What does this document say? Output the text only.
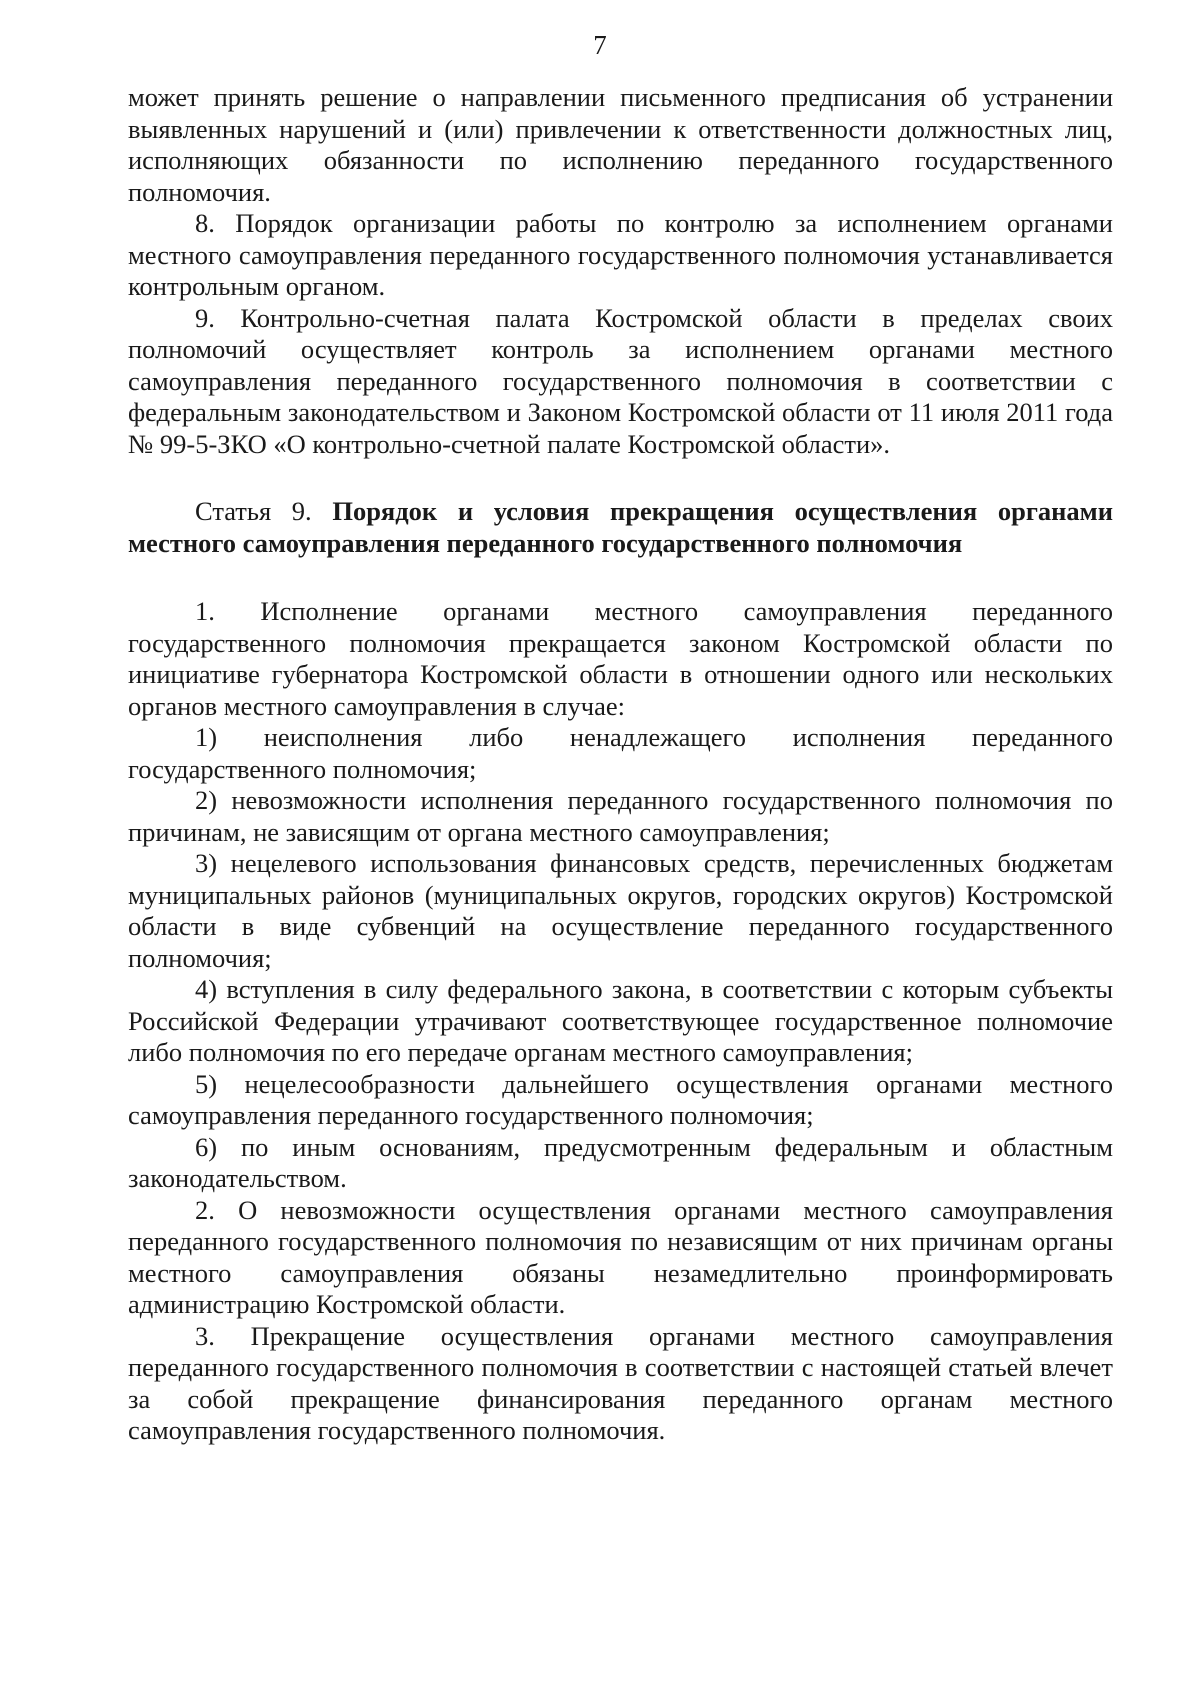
7

может принять решение о направлении письменного предписания об устранении выявленных нарушений и (или) привлечении к ответственности должностных лиц, исполняющих обязанности по исполнению переданного государственного полномочия.

8. Порядок организации работы по контролю за исполнением органами местного самоуправления переданного государственного полномочия устанавливается контрольным органом.

9. Контрольно-счетная палата Костромской области в пределах своих полномочий осуществляет контроль за исполнением органами местного самоуправления переданного государственного полномочия в соответствии с федеральным законодательством и Законом Костромской области от 11 июля 2011 года № 99-5-ЗКО «О контрольно-счетной палате Костромской области».

Статья 9. Порядок и условия прекращения осуществления органами местного самоуправления переданного государственного полномочия

1. Исполнение органами местного самоуправления переданного государственного полномочия прекращается законом Костромской области по инициативе губернатора Костромской области в отношении одного или нескольких органов местного самоуправления в случае:

1) неисполнения либо ненадлежащего исполнения переданного государственного полномочия;

2) невозможности исполнения переданного государственного полномочия по причинам, не зависящим от органа местного самоуправления;

3) нецелевого использования финансовых средств, перечисленных бюджетам муниципальных районов (муниципальных округов, городских округов) Костромской области в виде субвенций на осуществление переданного государственного полномочия;

4) вступления в силу федерального закона, в соответствии с которым субъекты Российской Федерации утрачивают соответствующее государственное полномочие либо полномочия по его передаче органам местного самоуправления;

5) нецелесообразности дальнейшего осуществления органами местного самоуправления переданного государственного полномочия;

6) по иным основаниям, предусмотренным федеральным и областным законодательством.

2. О невозможности осуществления органами местного самоуправления переданного государственного полномочия по независящим от них причинам органы местного самоуправления обязаны незамедлительно проинформировать администрацию Костромской области.

3. Прекращение осуществления органами местного самоуправления переданного государственного полномочия в соответствии с настоящей статьей влечет за собой прекращение финансирования переданного органам местного самоуправления государственного полномочия.
